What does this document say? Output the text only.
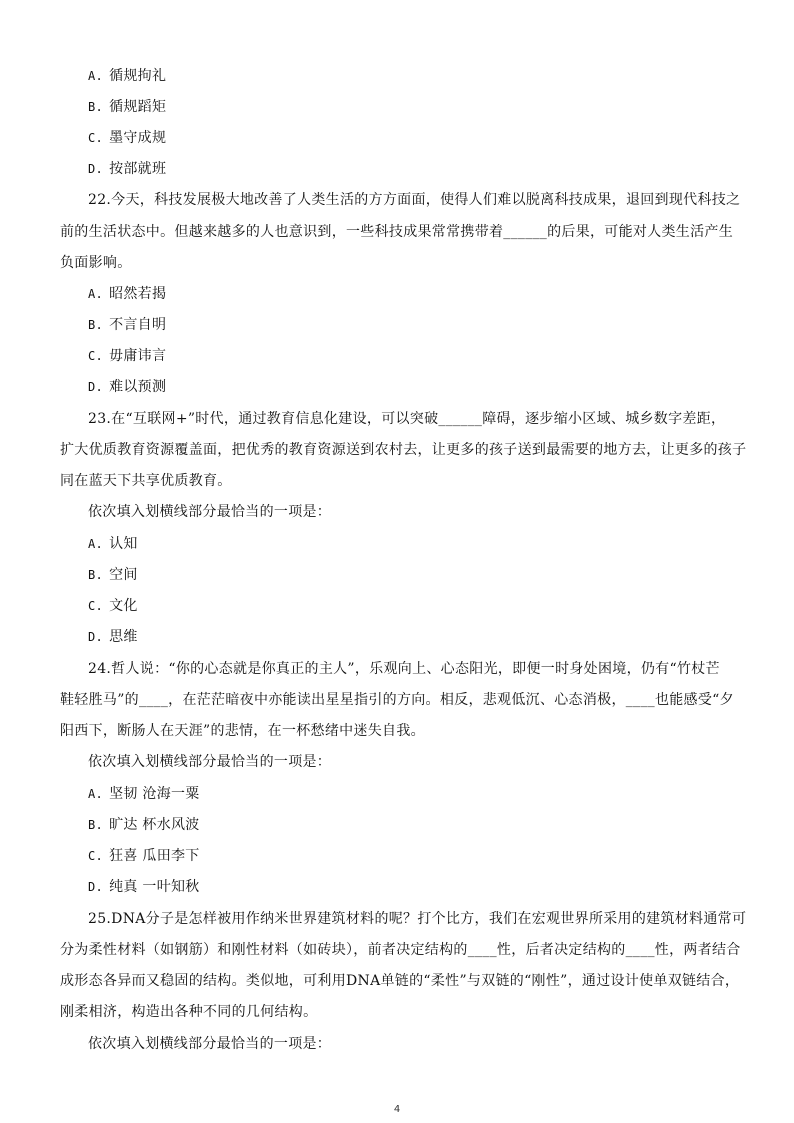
A. 循规拘礼
B. 循规蹈矩
C. 墨守成规
D. 按部就班
22.今天，科技发展极大地改善了人类生活的方方面面，使得人们难以脱离科技成果，退回到现代科技之
前的生活状态中。但越来越多的人也意识到，一些科技成果常常携带着______的后果，可能对人类生活产生
负面影响。
A. 昭然若揭
B. 不言自明
C. 毋庸讳言
D. 难以预测
23.在“互联网+”时代，通过教育信息化建设，可以突破______障碍，逐步缩小区域、城乡数字差距，
扩大优质教育资源覆盖面，把优秀的教育资源送到农村去，让更多的孩子送到最需要的地方去，让更多的孩子
同在蓝天下共享优质教育。
依次填入划横线部分最恰当的一项是：
A. 认知
B. 空间
C. 文化
D. 思维
24.哲人说：“你的心态就是你真正的主人”，乐观向上、心态阳光，即便一时身处困境，仍有“竹杖芒
鞋轻胜马”的____，在茫茫暗夜中亦能读出星星指引的方向。相反，悲观低沉、心态消极，____也能感受“夕
阳西下，断肠人在天涯”的悲情，在一杯愁绪中迷失自我。
依次填入划横线部分最恰当的一项是：
A. 坚韧 沧海一粟
B. 旷达 杯水风波
C. 狂喜 瓜田李下
D. 纯真 一叶知秋
25.DNA分子是怎样被用作纳米世界建筑材料的呢？打个比方，我们在宏观世界所采用的建筑材料通常可
分为柔性材料（如钢筋）和刚性材料（如砖块），前者决定结构的____性，后者决定结构的____性，两者结合
成形态各异而又稳固的结构。类似地，可利用DNA单链的“柔性”与双链的“刚性”，通过设计使单双链结合，
刚柔相济，构造出各种不同的几何结构。
依次填入划横线部分最恰当的一项是：
4
